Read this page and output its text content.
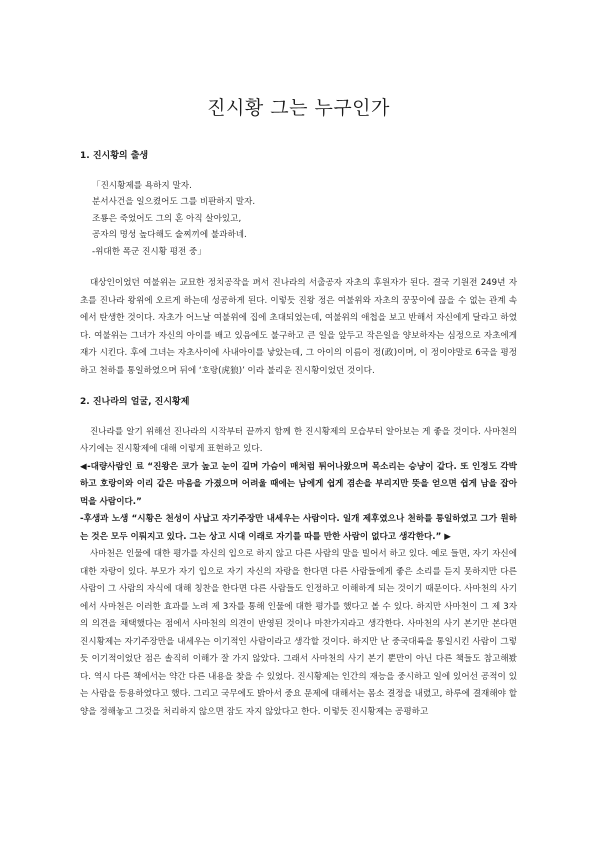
진시황 그는 누구인가
1. 진시황의 출생
「진시황제를 욕하지 말자.
분서사건을 일으켰어도 그를 비판하지 말자.
조룡은 죽었어도 그의 혼 아직 살아있고,
공자의 명성 높다해도 술찌끼에 불과하네.
-위대한 폭군 진시황 평전 중」

대상인이었던 여불위는 교묘한 정치공작을 펴서 진나라의 서출공자 자초의 후원자가 된다. 결국 기원전 249년 자초를 진나라 왕위에 오르게 하는데 성공하게 된다. 이렇듯 진왕 정은 여불위와 자초의 꿍꿍이에 끊을 수 없는 관계 속에서 탄생한 것이다. 자초가 어느날 여불위에 집에 초대되었는데, 여불위의 애첩을 보고 반해서 자신에게 달라고 하였다. 여불위는 그녀가 자신의 아이를 배고 있음에도 불구하고 큰 일을 앞두고 작은일을 양보하자는 심정으로 자초에게 재가 시킨다. 후에 그녀는 자초사이에 사내아이를 낳았는데, 그 아이의 이름이 정(政)이며, 이 정이야말로 6국을 평정하고 천하를 통일하였으며 뒤에 ‘호랑(虎狼)’ 이라 불리운 진시황이었던 것이다.

2. 진나라의 얼굴, 진시황제

진나라를 알기 위해선 진나라의 시작부터 끝까지 함께 한 진시황제의 모습부터 알아보는 게 좋을 것이다. 사마천의 사기에는 진시황제에 대해 이렇게 표현하고 있다.

◀-대량사람인 료 “진왕은 코가 높고 눈이 길며 가슴이 매처럼 튀어나왔으며 목소리는 승냥이 같다. 또 인정도 각박하고 호랑이와 이리 같은 마음을 가졌으며 어려울 때에는 남에게 쉽게 겸손을 부리지만 뜻을 얻으면 쉽게 남을 잡아먹을 사람이다.”

-후생과 노생 “시황은 천성이 사납고 자기주장만 내세우는 사람이다. 일개 제후였으나 천하를 통일하였고 그가 원하는 것은 모두 이뤄지고 있다. 그는 상고 시대 이래로 자기를 따를 만한 사람이 없다고 생각한다.” ▶

사마천은 인물에 대한 평가를 자신의 입으로 하지 않고 다른 사람의 말을 빌어서 하고 있다. 예로 들면, 자기 자신에 대한 자랑이 있다. 부모가 자기 입으로 자기 자신의 자랑을 한다면 다른 사람들에게 좋은 소리를 듣지 못하지만 다른 사람이 그 사람의 자식에 대해 칭찬을 한다면 다른 사람들도 인정하고 이해하게 되는 것이기 때문이다. 사마천의 사기에서 사마천은 이러한 효과를 노려 제 3자를 통해 인물에 대한 평가를 했다고 볼 수 있다. 하지만 사마천이 그 제 3자의 의견을 채택했다는 점에서 사마천의 의견이 반영된 것이나 마찬가지라고 생각한다. 사마천의 사기 본기만 본다면 진시황제는 자기주장만을 내세우는 이기적인 사람이라고 생각할 것이다. 하지만 난 중국대륙을 통일시킨 사람이 그렇듯 이기적이었단 점은 솔직히 이해가 잘 가지 않았다. 그래서 사마천의 사기 본기 뿐만이 아닌 다른 책들도 참고해봤다. 역시 다른 책에서는 약간 다른 내용을 찾을 수 있었다. 진시황제는 인간의 재능을 중시하고 일에 있어선 공적이 있는 사람을 등용하였다고 했다. 그리고 국무에도 밝아서 중요 문제에 대해서는 몸소 결정을 내렸고, 하루에 결재해야 할양을 정해놓고 그것을 처리하지 않으면 잠도 자지 않았다고 한다. 이렇듯 진시황제는 공평하고
